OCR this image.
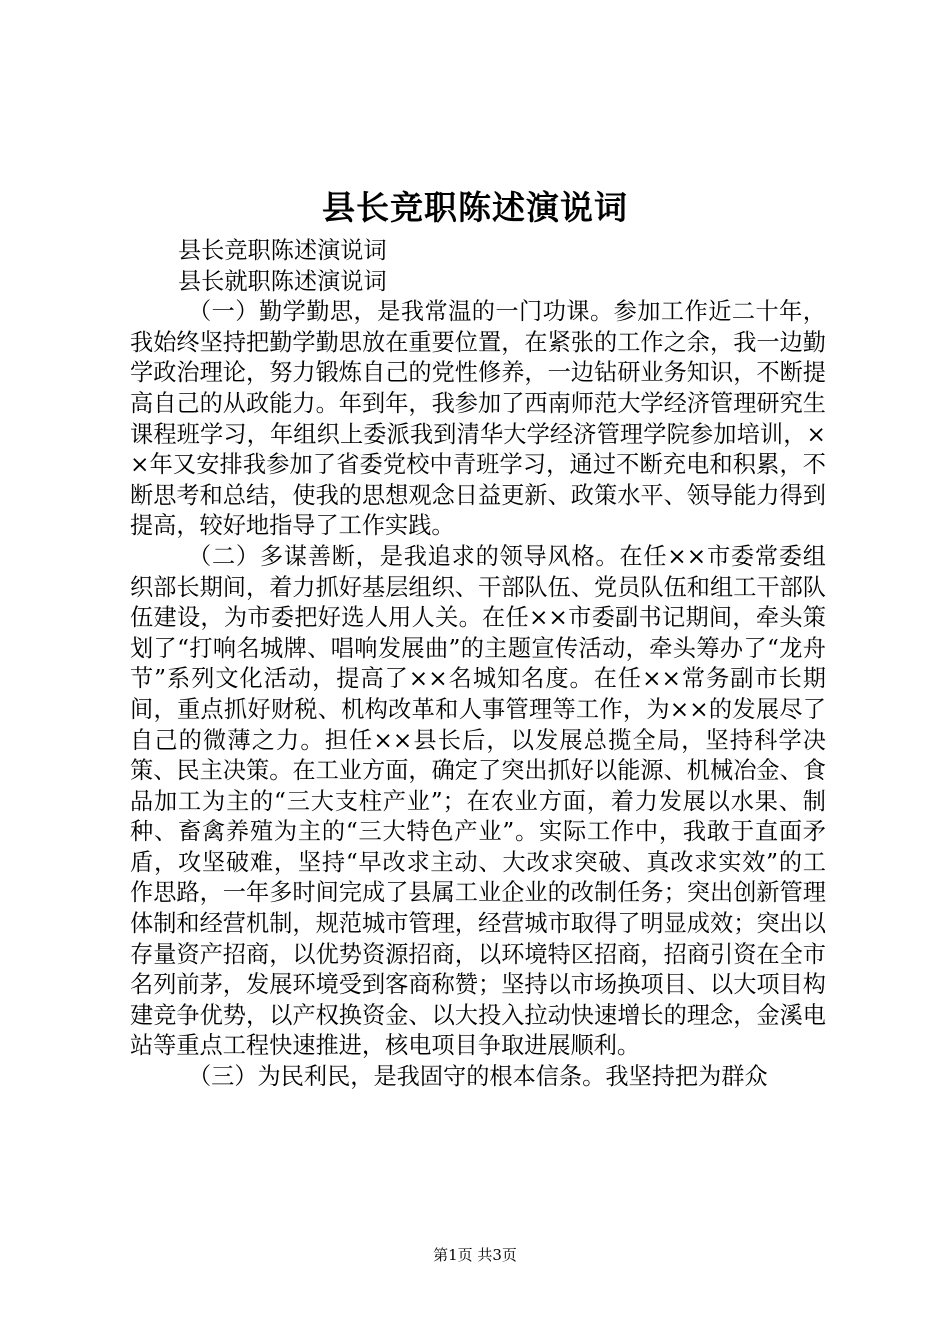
县长竞职陈述演说词

县长竞职陈述演说词

县长就职陈述演说词

（一）勤学勤思，是我常温的一门功课。参加工作近二十年，我始终坚持把勤学勤思放在重要位置，在紧张的工作之余，我一边勤学政治理论，努力锻炼自己的党性修养，一边钻研业务知识，不断提高自己的从政能力。年到年，我参加了西南师范大学经济管理研究生课程班学习，年组织上委派我到清华大学经济管理学院参加培训，××年又安排我参加了省委党校中青班学习，通过不断充电和积累，不断思考和总结，使我的思想观念日益更新、政策水平、领导能力得到提高，较好地指导了工作实践。

（二）多谋善断，是我追求的领导风格。在任××市委常委组织部长期间，着力抓好基层组织、干部队伍、党员队伍和组工干部队伍建设，为市委把好选人用人关。在任××市委副书记期间，牵头策划了“打响名城牌、唱响发展曲”的主题宣传活动，牵头筹办了“龙舟节”系列文化活动，提高了××名城知名度。在任××常务副市长期间，重点抓好财税、机构改革和人事管理等工作，为××的发展尽了自己的微薄之力。担任××县长后，以发展总揽全局，坚持科学决策、民主决策。在工业方面，确定了突出抓好以能源、机械冶金、食品加工为主的“三大支柱产业”；在农业方面，着力发展以水果、制种、畜禽养殖为主的“三大特色产业”。实际工作中，我敢于直面矛盾，攻坚破难，坚持“早改求主动、大改求突破、真改求实效”的工作思路，一年多时间完成了县属工业企业的改制任务；突出创新管理体制和经营机制，规范城市管理，经营城市取得了明显成效；突出以存量资产招商，以优势资源招商，以环境特区招商，招商引资在全市名列前茅，发展环境受到客商称赞；坚持以市场换项目、以大项目构建竞争优势，以产权换资金、以大投入拉动快速增长的理念，金溪电站等重点工程快速推进，核电项目争取进展顺利。

（三）为民利民，是我固守的根本信条。我坚持把为群众

第1页 共3页
